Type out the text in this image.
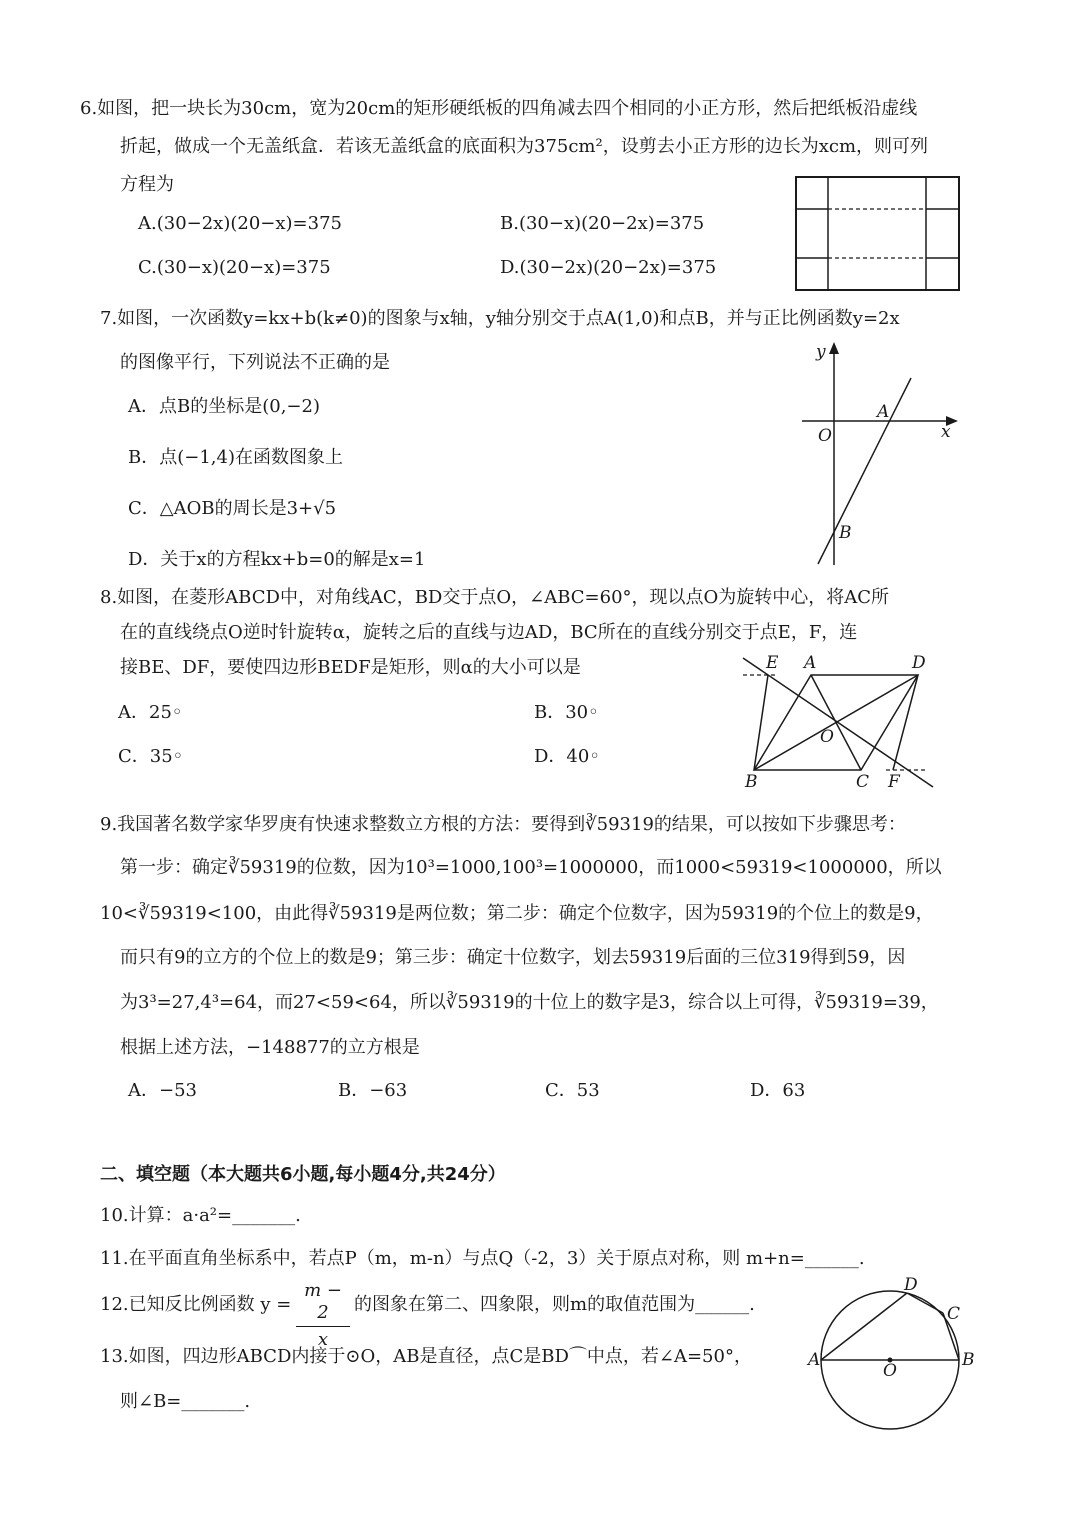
6.如图，把一块长为30cm，宽为20cm的矩形硬纸板的四角减去四个相同的小正方形，然后把纸板沿虚线
折起，做成一个无盖纸盒．若该无盖纸盒的底面积为375cm²，设剪去小正方形的边长为xcm，则可列
方程为
A.(30−2x)(20−x)=375	B.(30−x)(20−2x)=375
C.(30−x)(20−x)=375	D.(30−2x)(20−2x)=375
7.如图，一次函数y=kx+b(k≠0)的图象与x轴，y轴分别交于点A(1,0)和点B，并与正比例函数y=2x
的图像平行，下列说法不正确的是
A．点B的坐标是(0,−2)
B．点(−1,4)在函数图象上
C．△AOB的周长是3+√5
D．关于x的方程kx+b=0的解是x=1
y
x
O
A
B
8.如图，在菱形ABCD中，对角线AC，BD交于点O，∠ABC=60°，现以点O为旋转中心，将AC所
在的直线绕点O逆时针旋转α，旋转之后的直线与边AD，BC所在的直线分别交于点E，F，连
接BE、DF，要使四边形BEDF是矩形，则α的大小可以是
A．25◦	B．30◦
C．35◦	D．40◦
E A	D
O
B	C F
9.我国著名数学家华罗庚有快速求整数立方根的方法：要得到∛59319的结果，可以按如下步骤思考：
第一步：确定∛59319的位数，因为10³=1000,100³=1000000，而1000<59319<1000000，所以
10<∛59319<100，由此得∛59319是两位数；第二步：确定个位数字，因为59319的个位上的数是9，
而只有9的立方的个位上的数是9；第三步：确定十位数字，划去59319后面的三位319得到59，因
为3³=27,4³=64，而27<59<64，所以∛59319的十位上的数字是3，综合以上可得，∛59319=39，
根据上述方法，−148877的立方根是
A．−53	B．−63	C．53	D．63
二、填空题（本大题共6小题,每小题4分,共24分）
10.计算：a·a²=_______.
11.在平面直角坐标系中，若点P（m，m-n）与点Q（-2，3）关于原点对称，则 m+n=______.
12.已知反比例函数 $y = \frac{m - 2}{x}$ 的图象在第二、四象限，则m的取值范围为______.
13.如图，四边形ABCD内接于⊙O，AB是直径，点C是BD⌒中点，若∠A=50°，
则∠B=_______.
A	B
C
D
O
